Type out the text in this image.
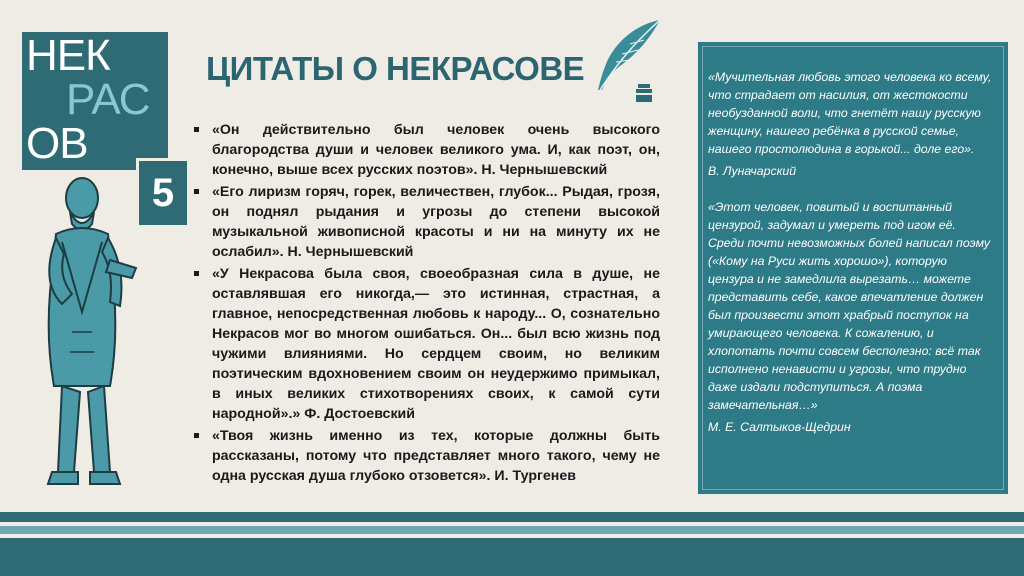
НЕК
РАС
ОВ
5
ЦИТАТЫ О НЕКРАСОВЕ
«Он действительно был человек очень высокого благородства души и человек великого ума. И, как поэт, он, конечно, выше всех русских поэтов». Н. Чернышевский
«Его лиризм горяч, горек, величествен, глубок... Рыдая, грозя, он поднял рыдания и угрозы до степени высокой музыкальной живописной красоты и ни на минуту их не ослабил». Н. Чернышевский
«У Некрасова была своя, своеобразная сила в душе, не оставлявшая его никогда,— это истинная, страстная, а главное, непосредственная любовь к народу... О, сознательно Некрасов мог во многом ошибаться. Он... был всю жизнь под чужими влияниями. Но сердцем своим, но великим поэтическим вдохновением своим он неудержимо примыкал, в иных великих стихотворениях своих, к самой сути народной».» Ф. Достоевский
«Твоя жизнь именно из тех, которые должны быть рассказаны, потому что представляет много такого, чему не одна русская душа глубоко отзовется». И. Тургенев

«Мучительная любовь этого человека ко всему, что страдает от насилия, от жестокости необузданной воли, что гнетёт нашу русскую женщину, нашего ребёнка в русской семье, нашего простолюдина в горькой... доле его».

В. Луначарский

«Этот человек, повитый и воспитанный цензурой, задумал и умереть под игом её. Среди почти невозможных болей написал поэму («Кому на Руси жить хорошо»), которую цензура и не замедлила вырезать… можете представить себе, какое впечатление должен был произвести этот храбрый поступок на умирающего человека. К сожалению, и хлопотать почти совсем бесполезно: всё так исполнено ненависти и угрозы, что трудно даже издали подступиться. А поэма замечательная…»

М. Е. Салтыков-Щедрин
